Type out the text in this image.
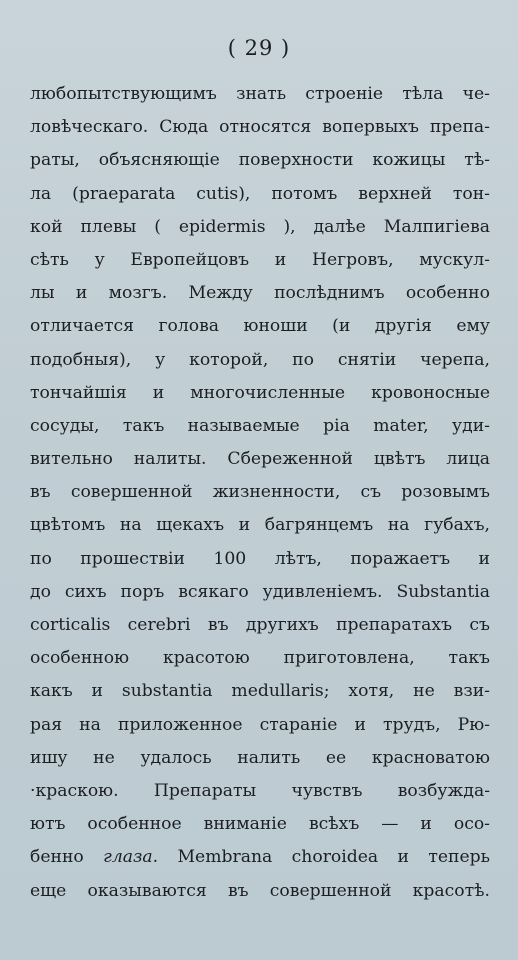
( 29 )
любопытствующимъ знать строеніе тѣла че-
ловѣческаго. Сюда относятся вопервыхъ препа-
раты, объясняющіе поверхности кожицы тѣ-
ла (praeparata cutis), потомъ верхней тон-
кой плевы ( epidermis ), далѣе Малпигіева
сѣть у Европейцовъ и Негровъ, мускул-
лы и мозгъ. Между послѣднимъ особенно
отличается голова юноши (и другія ему
подобныя), у которой, по снятіи черепа,
тончайшія и многочисленные кровоносные
сосуды, такъ называемые pia mater, уди-
вительно налиты. Сбереженной цвѣтъ лица
въ совершенной жизненности, съ розовымъ
цвѣтомъ на щекахъ и багрянцемъ на губахъ,
по прошествіи 100 лѣтъ, поражаетъ и
до сихъ поръ всякаго удивленіемъ. Substantia
corticalis cerebri въ другихъ препаратахъ съ
особенною красотою приготовлена, такъ
какъ и substantia medullaris; хотя, не взи-
рая на приложенное стараніе и трудъ, Рю-
ишу не удалось налить ее красноватою
·краскою. Препараты чувствъ возбужда-
ютъ особенное вниманіе всѣхъ — и осо-
бенно глаза. Membrana choroidea и теперь
еще оказываются въ совершенной красотѣ.
